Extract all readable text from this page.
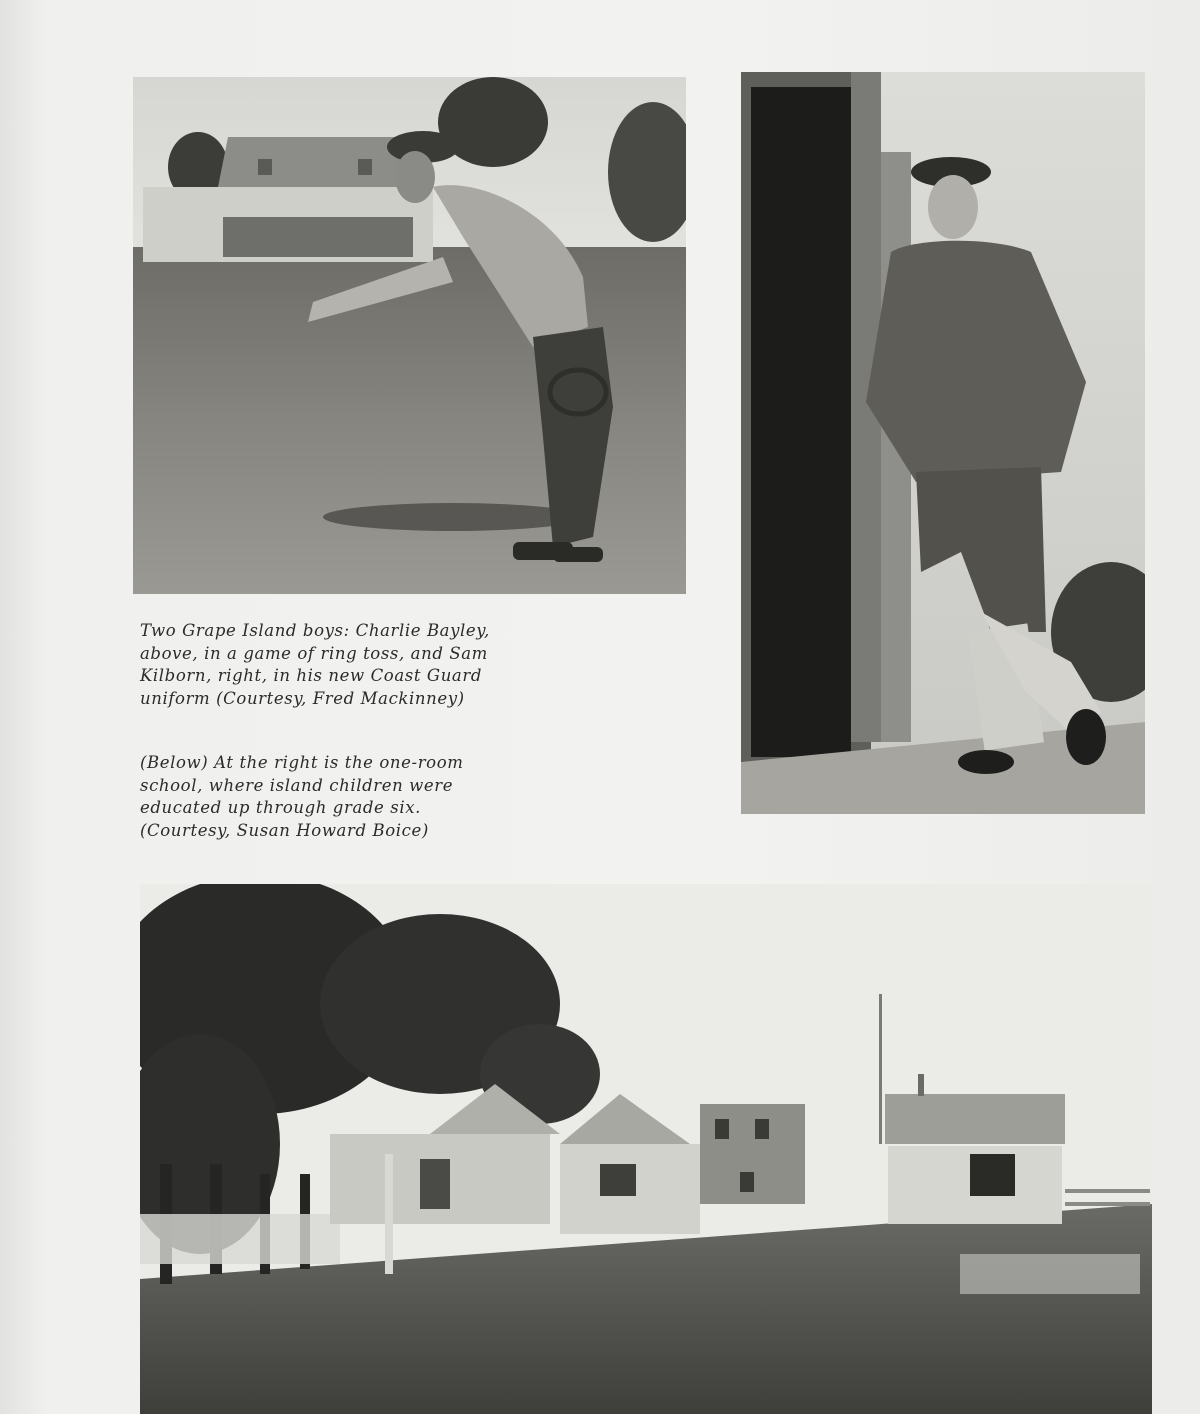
Two Grape Island boys: Charlie Bayley,

above, in a game of ring toss, and Sam

Kilborn, right, in his new Coast Guard

uniform (Courtesy, Fred Mackinney)

(Below) At the right is the one-room

school, where island children were

educated up through grade six.

(Courtesy, Susan Howard Boice)
